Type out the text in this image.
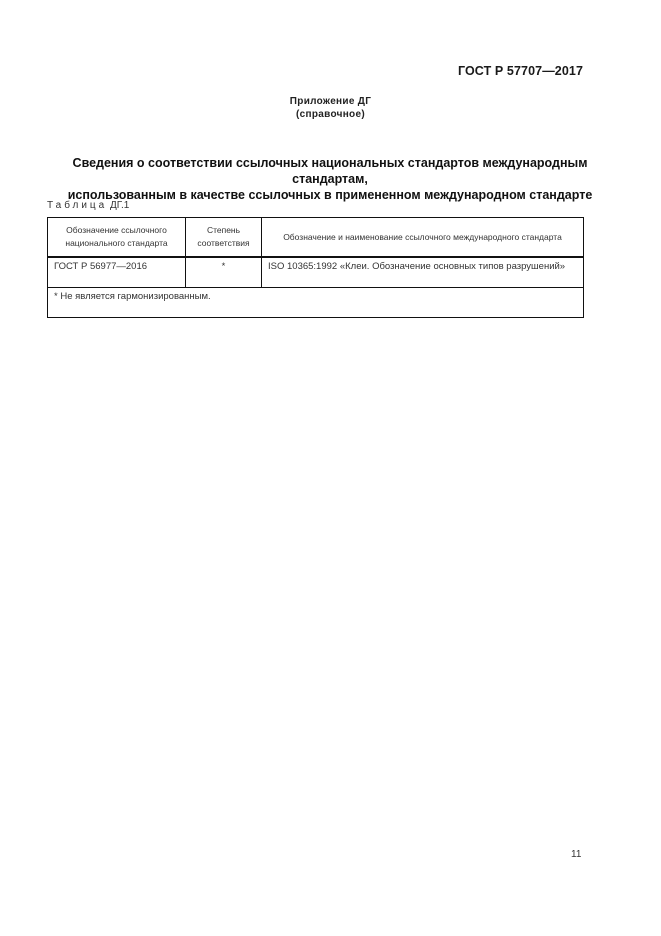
ГОСТ Р 57707—2017
Приложение ДГ
(справочное)
Сведения о соответствии ссылочных национальных стандартов международным стандартам,
использованным в качестве ссылочных в примененном международном стандарте
Таблица ДГ.1
Обозначение ссылочного национального стандарта	Степень соответствия	Обозначение и наименование ссылочного международного стандарта
ГОСТ Р 56977—2016	*	ISO 10365:1992 «Клеи. Обозначение основных типов разрушений»
* Не является гармонизированным.		
11
